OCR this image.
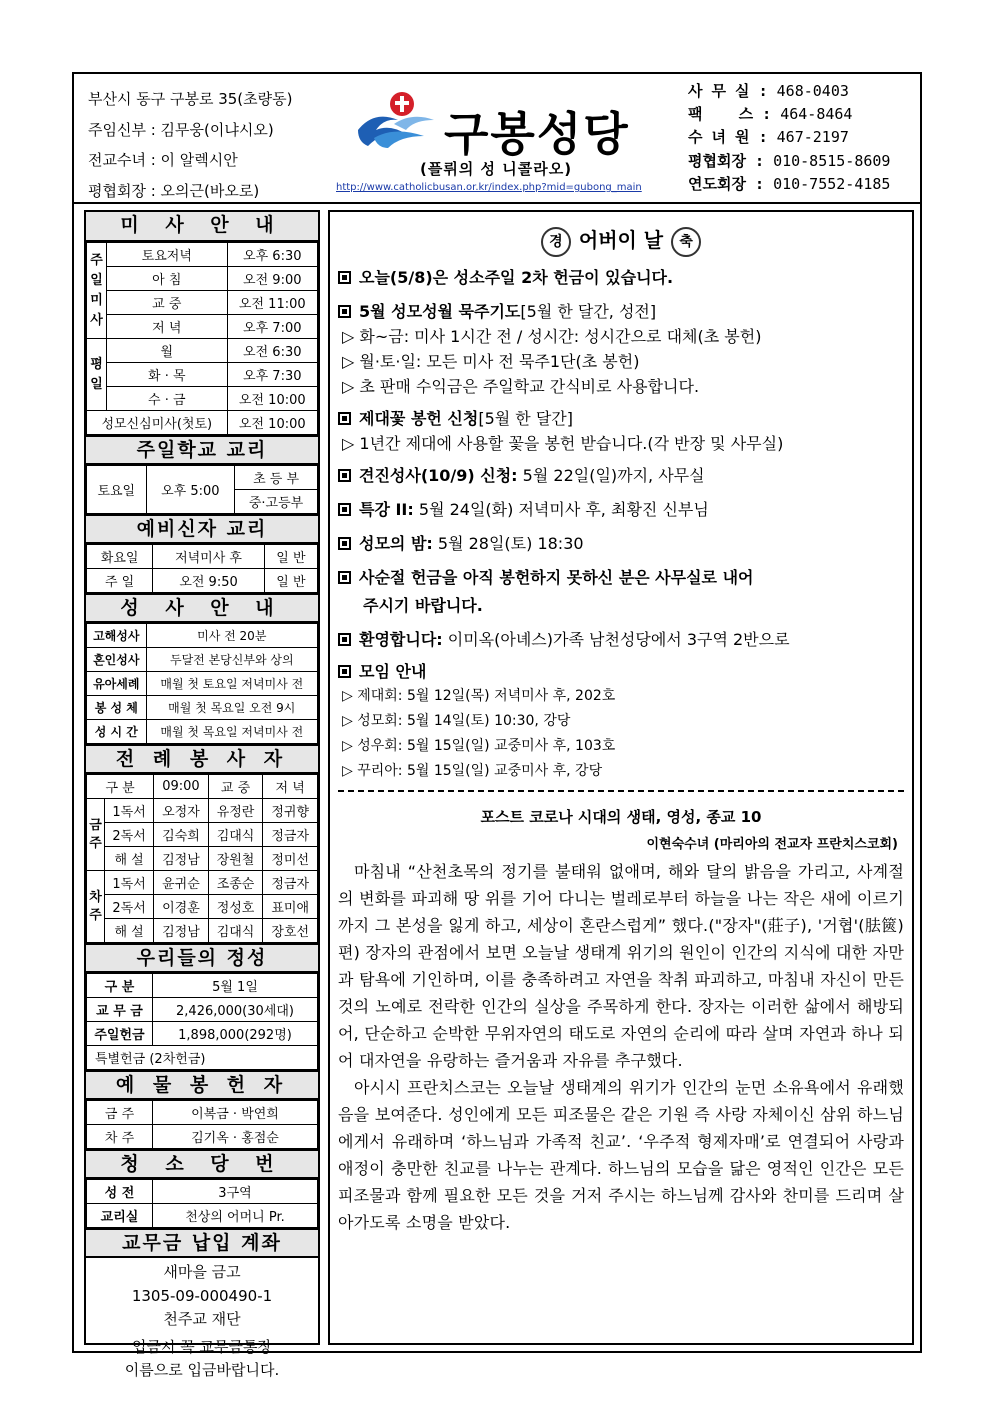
부산시 동구 구봉로 35(초량동)
주임신부 : 김무웅(이냐시오)
전교수녀 : 이 알렉시안
평협회장 : 오의근(바오로)
구봉성당
(플뤼의 성 니콜라오)
http://www.catholicbusan.or.kr/index.php?mid=gubong_main
사 무 실 : 468-0403
팩    스 : 464-8464
수 녀 원 : 467-2197
평협회장 : 010-8515-8609
연도회장 : 010-7552-4185
미 사 안 내
주일미사	토요저녁	오후 6:30
	아 침	오전 9:00
	교 중	오전 11:00
	저 녁	오후 7:00
평일	월	오전 6:30
	화 · 목	오후 7:30
	수 · 금	오전 10:00
성모신심미사(첫토)		오전 10:00
주일학교 교리
토요일	오후 5:00	초 등 부
중·고등부
예비신자 교리
화요일	저녁미사 후	일 반
주 일	오전 9:50	일 반
성 사 안 내
고해성사	미사 전 20분
혼인성사	두달전 본당신부와 상의
유아세례	매월 첫 토요일 저녁미사 전
봉 성 체	매월 첫 목요일 오전 9시
성 시 간	매월 첫 목요일 저녁미사 전
전 례 봉 사 자
구 분		09:00	교 중	저 녁
금주	1독서	오정자	유정란	정귀향
	2독서	김숙희	김대식	정금자
	해 설	김정남	장원철	정미선
차주	1독서	윤귀순	조종순	정금자
	2독서	이경훈	정성호	표미애
	해 설	김정남	김대식	장호선
우리들의 정성
구 분	5월 1일
교 무 금	2,426,000(30세대)
주일헌금	1,898,000(292명)
특별헌금 (2차헌금)	
예 물 봉 헌 자
금 주	이복금 · 박연희
차 주	김기옥 · 홍점순
청 소 당 번
성 전	3구역
교리실	천상의 어머니 Pr.
교무금 납입 계좌
새마을 금고
1305-09-000490-1
천주교 재단
입금시 꼭 교무금통장
이름으로 입금바랍니다.
경 어버이 날 축
오늘(5/8)은 성소주일 2차 헌금이 있습니다.
5월 성모성월 묵주기도[5월 한 달간, 성전]
▷ 화~금: 미사 1시간 전 / 성시간: 성시간으로 대체(초 봉헌)
▷ 월·토·일: 모든 미사 전 묵주1단(초 봉헌)
▷ 초 판매 수익금은 주일학교 간식비로 사용합니다.
제대꽃 봉헌 신청[5월 한 달간]
▷ 1년간 제대에 사용할 꽃을 봉헌 받습니다.(각 반장 및 사무실)
견진성사(10/9) 신청: 5월 22일(일)까지, 사무실
특강 II: 5월 24일(화) 저녁미사 후, 최황진 신부님
성모의 밤: 5월 28일(토) 18:30
사순절 헌금을 아직 봉헌하지 못하신 분은 사무실로 내어
주시기 바랍니다.
환영합니다: 이미옥(아녜스)가족 남천성당에서 3구역 2반으로
모임 안내
▷ 제대회: 5월 12일(목) 저녁미사 후, 202호
▷ 성모회: 5월 14일(토) 10:30, 강당
▷ 성우회: 5월 15일(일) 교중미사 후, 103호
▷ 꾸리아: 5월 15일(일) 교중미사 후, 강당
포스트 코로나 시대의 생태, 영성, 종교 10
이현숙수녀 (마리아의 전교자 프란치스코회)

마침내 “산천초목의 정기를 불태워 없애며, 해와 달의 밝음을 가리고, 사계절의 변화를 파괴해 땅 위를 기어 다니는 벌레로부터 하늘을 나는 작은 새에 이르기까지 그 본성을 잃게 하고, 세상이 혼란스럽게” 했다.("장자"(莊子), '거협'(胠篋) 편) 장자의 관점에서 보면 오늘날 생태계 위기의 원인이 인간의 지식에 대한 자만과 탐욕에 기인하며, 이를 충족하려고 자연을 착취 파괴하고, 마침내 자신이 만든 것의 노예로 전락한 인간의 실상을 주목하게 한다. 장자는 이러한 삶에서 해방되어, 단순하고 순박한 무위자연의 태도로 자연의 순리에 따라 살며 자연과 하나 되어 대자연을 유랑하는 즐거움과 자유를 추구했다.

아시시 프란치스코는 오늘날 생태계의 위기가 인간의 눈먼 소유욕에서 유래했음을 보여준다. 성인에게 모든 피조물은 같은 기원 즉 사랑 자체이신 삼위 하느님에게서 유래하며 ‘하느님과 가족적 친교’. ‘우주적 형제자매’로 연결되어 사랑과 애정이 충만한 친교를 나누는 관계다. 하느님의 모습을 닮은 영적인 인간은 모든 피조물과 함께 필요한 모든 것을 거저 주시는 하느님께 감사와 찬미를 드리며 살아가도록 소명을 받았다.
